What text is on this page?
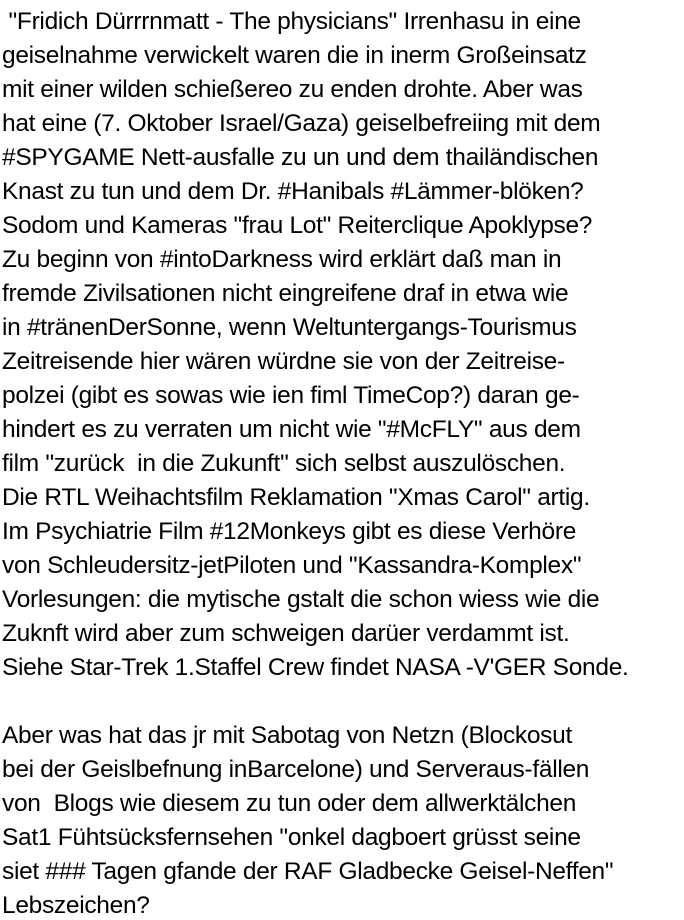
"Fridich Dürrrnmatt - The physicians" Irrenhasu in eine
geiselnahme verwickelt waren die in inerm Großeinsatz
mit einer wilden schießereo zu enden drohte. Aber was
hat eine (7. Oktober Israel/Gaza) geiselbefreiing mit dem
#SPYGAME Nett-ausfalle zu un und dem thailändischen
Knast zu tun und dem Dr. #Hanibals #Lämmer-blöken?
Sodom und Kameras "frau Lot" Reiterclique Apoklypse?
Zu beginn von #intoDarkness wird erklärt daß man in
fremde Zivilsationen nicht eingreifene draf in etwa wie
in #tränenDerSonne, wenn Weltuntergangs-Tourismus
Zeitreisende hier wären würdne sie von der Zeitreise-
polzei (gibt es sowas wie ien fiml TimeCop?) daran ge-
hindert es zu verraten um nicht wie "#McFLY" aus dem
film "zurück  in die Zukunft" sich selbst auszulöschen.
Die RTL Weihachtsfilm Reklamation "Xmas Carol" artig.
Im Psychiatrie Film #12Monkeys gibt es diese Verhöre
von Schleudersitz-jetPiloten und "Kassandra-Komplex"
Vorlesungen: die mytische gstalt die schon wiess wie die
Zuknft wird aber zum schweigen darüer verdammt ist.
Siehe Star-Trek 1.Staffel Crew findet NASA -V'GER Sonde.
Aber was hat das jr mit Sabotag von Netzn (Blockosut
bei der Geislbefnung inBarcelone) und Serveraus-fällen
von  Blogs wie diesem zu tun oder dem allwerktälchen
Sat1 Fühtsücksfernsehen "onkel dagboert grüsst seine
siet ### Tagen gfande der RAF Gladbecke Geisel-Neffen"
Lebszeichen?
